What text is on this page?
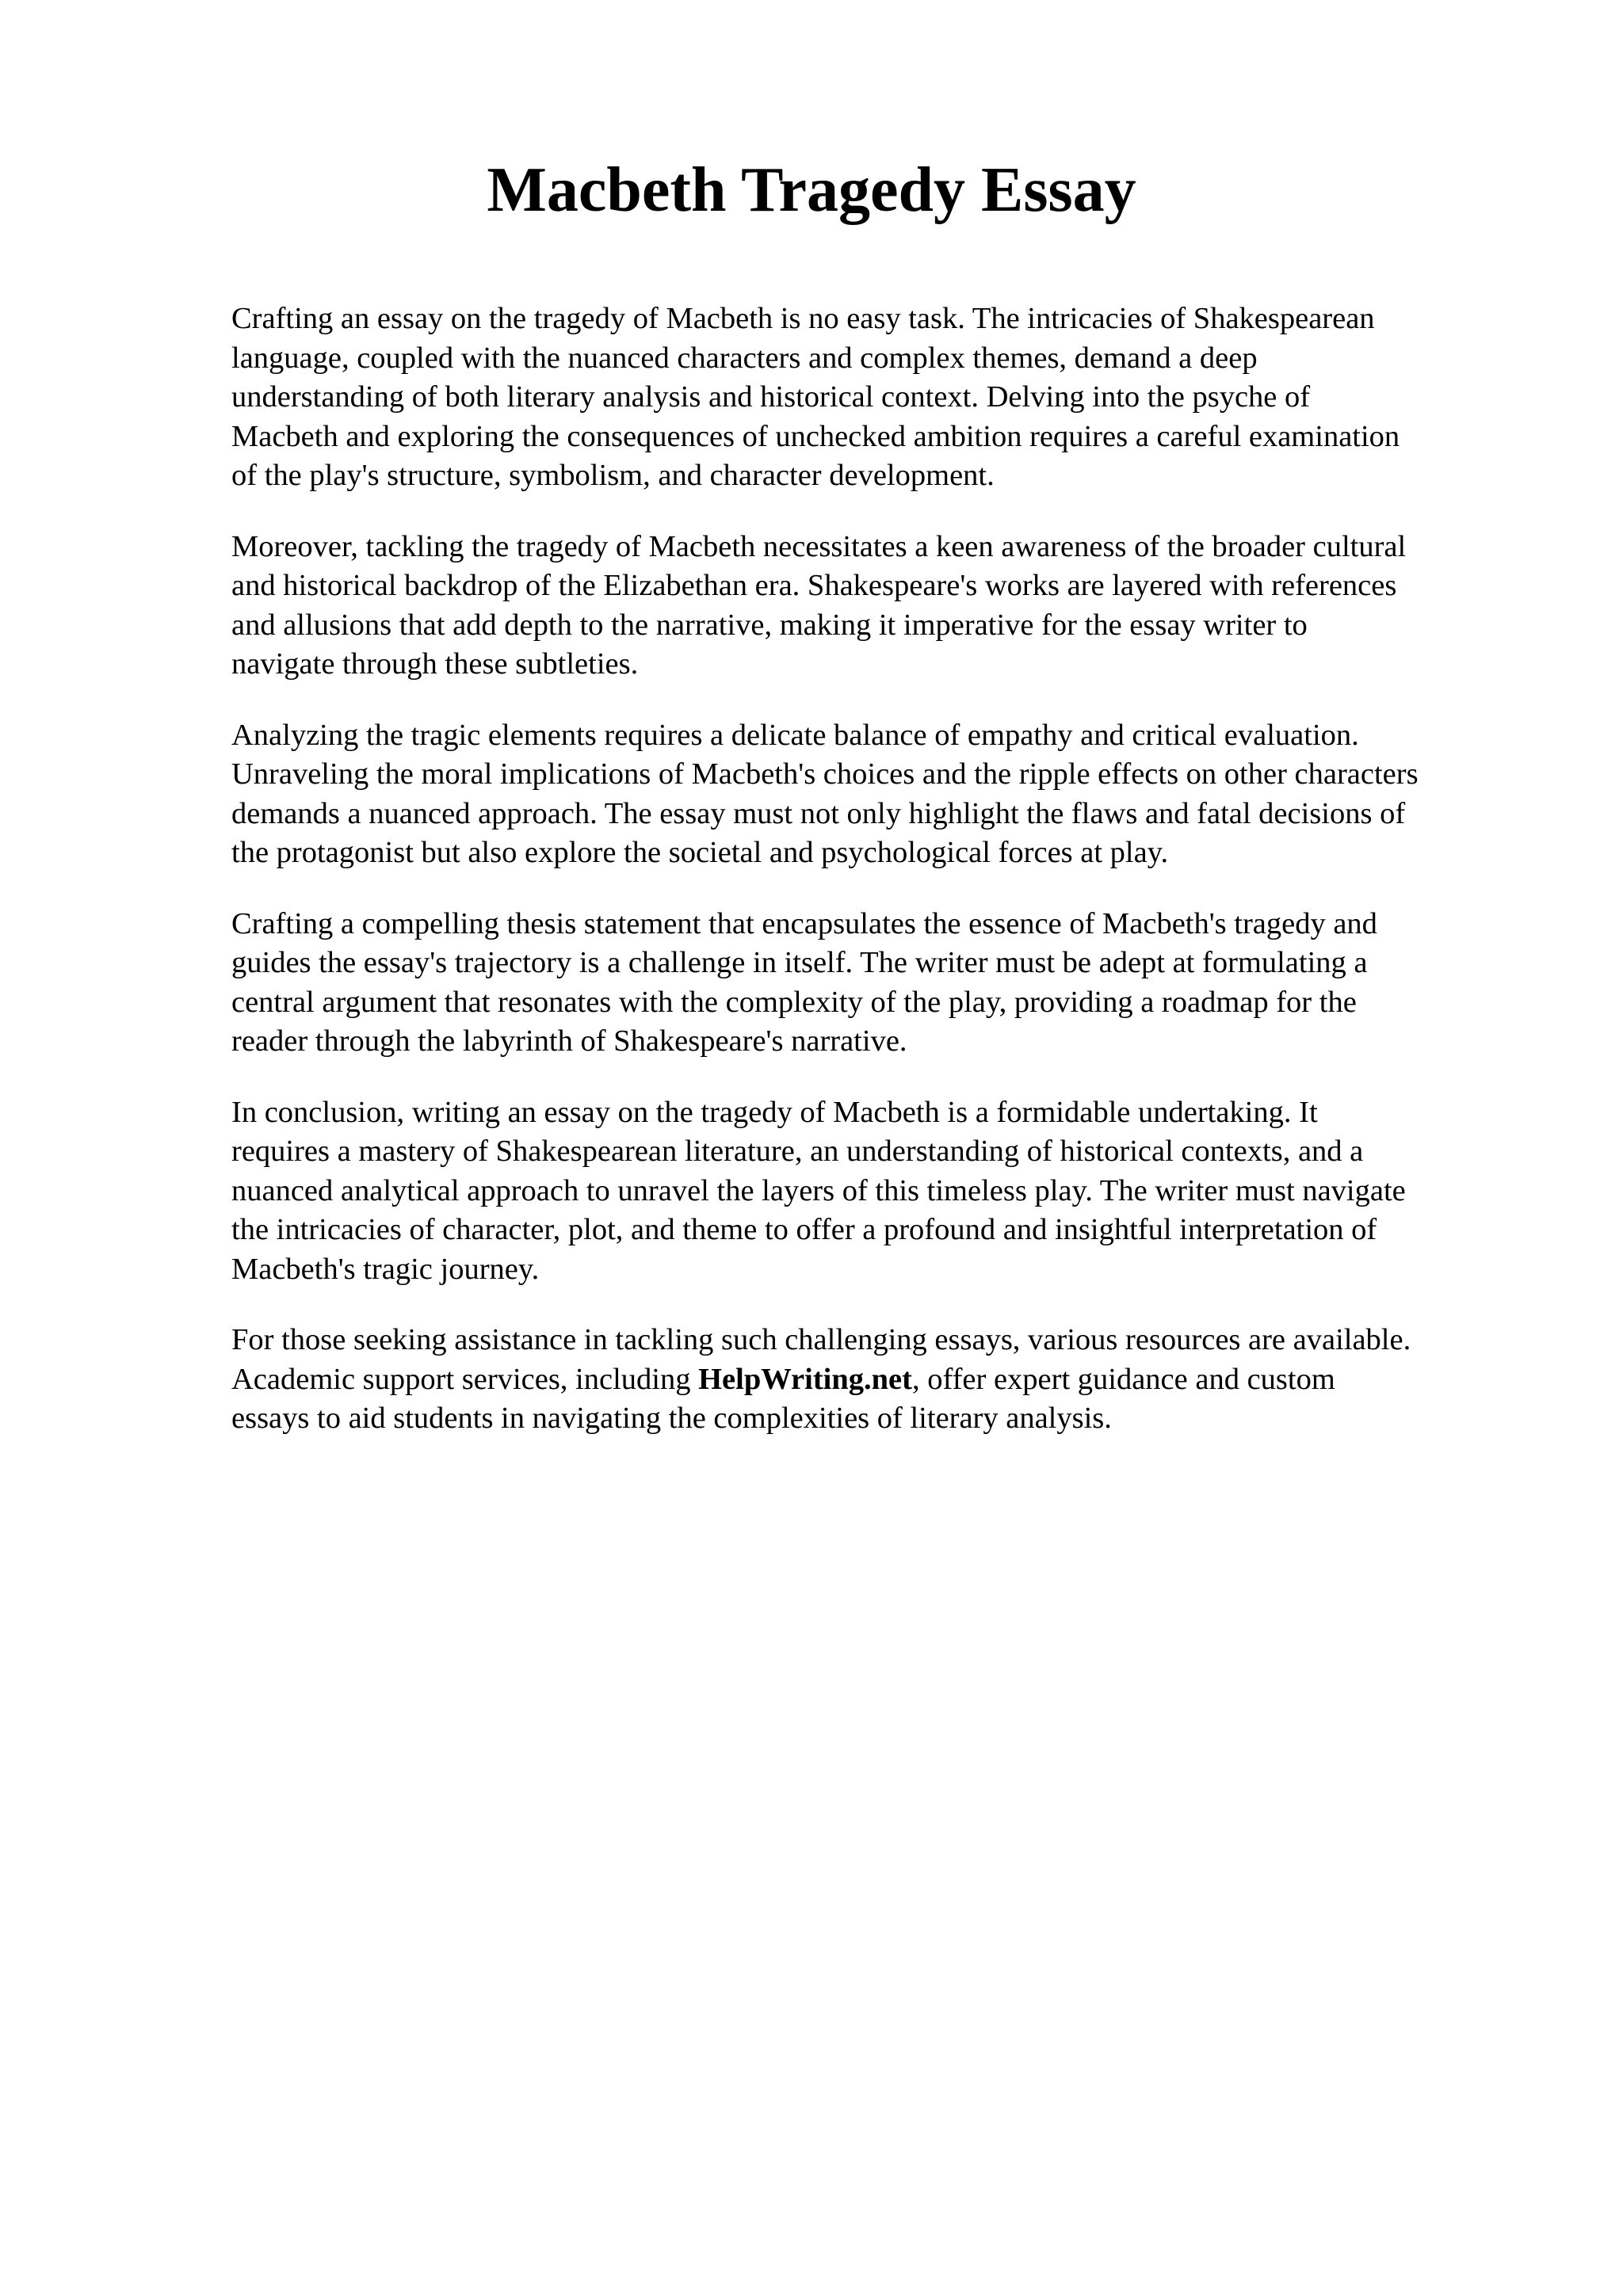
Macbeth Tragedy Essay

Crafting an essay on the tragedy of Macbeth is no easy task. The intricacies of Shakespearean
language, coupled with the nuanced characters and complex themes, demand a deep
understanding of both literary analysis and historical context. Delving into the psyche of
Macbeth and exploring the consequences of unchecked ambition requires a careful examination
of the play's structure, symbolism, and character development.

Moreover, tackling the tragedy of Macbeth necessitates a keen awareness of the broader cultural
and historical backdrop of the Elizabethan era. Shakespeare's works are layered with references
and allusions that add depth to the narrative, making it imperative for the essay writer to
navigate through these subtleties.

Analyzing the tragic elements requires a delicate balance of empathy and critical evaluation.
Unraveling the moral implications of Macbeth's choices and the ripple effects on other characters
demands a nuanced approach. The essay must not only highlight the flaws and fatal decisions of
the protagonist but also explore the societal and psychological forces at play.

Crafting a compelling thesis statement that encapsulates the essence of Macbeth's tragedy and
guides the essay's trajectory is a challenge in itself. The writer must be adept at formulating a
central argument that resonates with the complexity of the play, providing a roadmap for the
reader through the labyrinth of Shakespeare's narrative.

In conclusion, writing an essay on the tragedy of Macbeth is a formidable undertaking. It
requires a mastery of Shakespearean literature, an understanding of historical contexts, and a
nuanced analytical approach to unravel the layers of this timeless play. The writer must navigate
the intricacies of character, plot, and theme to offer a profound and insightful interpretation of
Macbeth's tragic journey.

For those seeking assistance in tackling such challenging essays, various resources are available.
Academic support services, including HelpWriting.net, offer expert guidance and custom
essays to aid students in navigating the complexities of literary analysis.
